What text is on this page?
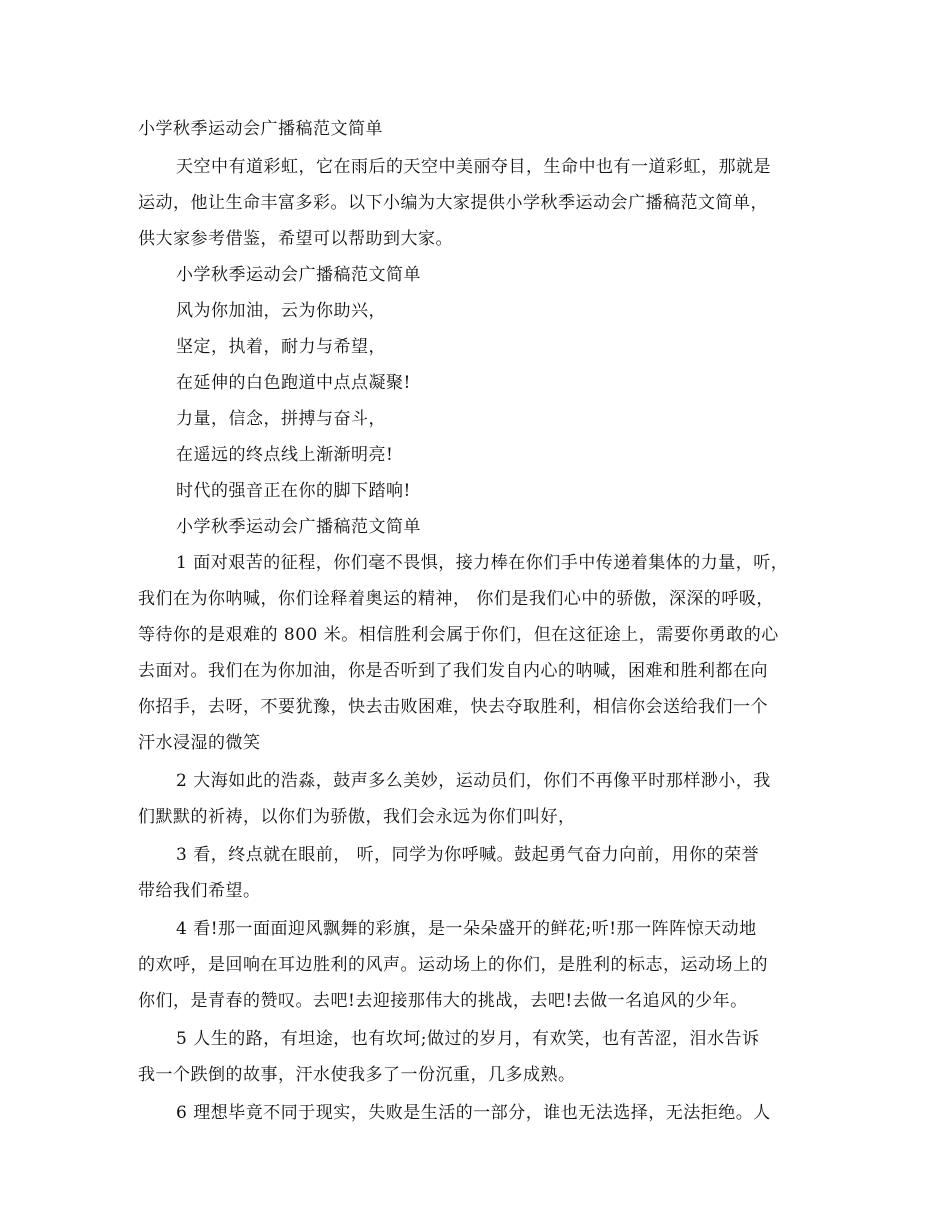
小学秋季运动会广播稿范文简单
天空中有道彩虹，它在雨后的天空中美丽夺目，生命中也有一道彩虹，那就是
运动，他让生命丰富多彩。以下小编为大家提供小学秋季运动会广播稿范文简单，
供大家参考借鉴，希望可以帮助到大家。
小学秋季运动会广播稿范文简单
风为你加油，云为你助兴，
坚定，执着，耐力与希望，
在延伸的白色跑道中点点凝聚!
力量，信念，拼搏与奋斗，
在遥远的终点线上渐渐明亮!
时代的强音正在你的脚下踏响!
小学秋季运动会广播稿范文简单
1 面对艰苦的征程，你们毫不畏惧，接力棒在你们手中传递着集体的力量，听，
我们在为你呐喊，你们诠释着奥运的精神， 你们是我们心中的骄傲，深深的呼吸，
等待你的是艰难的 800 米。相信胜利会属于你们，但在这征途上，需要你勇敢的心
去面对。我们在为你加油，你是否听到了我们发自内心的呐喊，困难和胜利都在向
你招手，去呀，不要犹豫，快去击败困难，快去夺取胜利，相信你会送给我们一个
汗水浸湿的微笑
2 大海如此的浩淼，鼓声多么美妙，运动员们，你们不再像平时那样渺小，我
们默默的祈祷，以你们为骄傲，我们会永远为你们叫好，
3 看，终点就在眼前， 听，同学为你呼喊。鼓起勇气奋力向前，用你的荣誉
带给我们希望。
4 看!那一面面迎风飘舞的彩旗，是一朵朵盛开的鲜花;听!那一阵阵惊天动地
的欢呼，是回响在耳边胜利的风声。运动场上的你们，是胜利的标志，运动场上的
你们，是青春的赞叹。去吧!去迎接那伟大的挑战，去吧!去做一名追风的少年。
5 人生的路，有坦途，也有坎坷;做过的岁月，有欢笑，也有苦涩，泪水告诉
我一个跌倒的故事，汗水使我多了一份沉重，几多成熟。
6 理想毕竟不同于现实，失败是生活的一部分，谁也无法选择，无法拒绝。人
